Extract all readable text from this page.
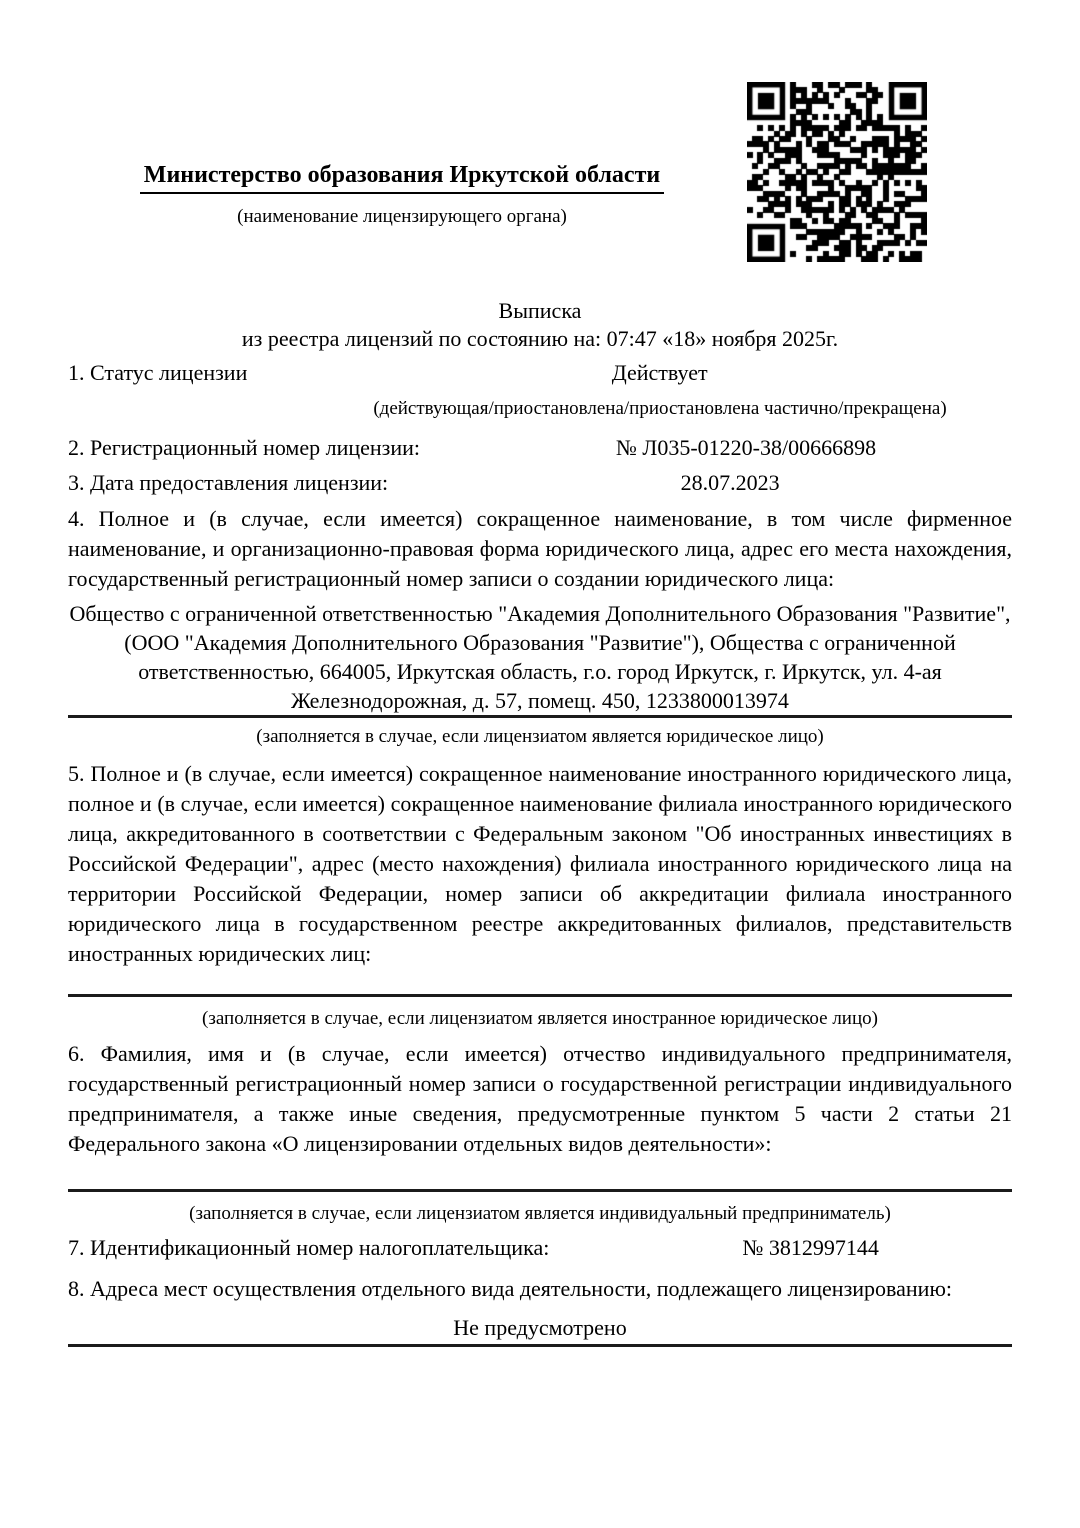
Министерство образования Иркутской области
(наименование лицензирующего органа)
Выписка
из реестра лицензий по состоянию на: 07:47 «18» ноября 2025г.
1. Статус лицензии	Действует
(действующая/приостановлена/приостановлена частично/прекращена)
2. Регистрационный номер лицензии:	№ Л035-01220-38/00666898
3. Дата предоставления лицензии:	28.07.2023
4. Полное и (в случае, если имеется) сокращенное наименование, в том числе фирменное наименование, и организационно-правовая форма юридического лица, адрес его места нахождения, государственный регистрационный номер записи о создании юридического лица:
Общество с ограниченной ответственностью "Академия Дополнительного Образования "Развитие", (ООО "Академия Дополнительного Образования "Развитие"), Общества с ограниченной ответственностью, 664005, Иркутская область, г.о. город Иркутск, г. Иркутск, ул. 4-ая Железнодорожная, д. 57, помещ. 450, 1233800013974
(заполняется в случае, если лицензиатом является юридическое лицо)
5. Полное и (в случае, если имеется) сокращенное наименование иностранного юридического лица, полное и (в случае, если имеется) сокращенное наименование филиала иностранного юридического лица, аккредитованного в соответствии с Федеральным законом "Об иностранных инвестициях в Российской Федерации", адрес (место нахождения) филиала иностранного юридического лица на территории Российской Федерации, номер записи об аккредитации филиала иностранного юридического лица в государственном реестре аккредитованных филиалов, представительств иностранных юридических лиц:
(заполняется в случае, если лицензиатом является иностранное юридическое лицо)
6. Фамилия, имя и (в случае, если имеется) отчество индивидуального предпринимателя, государственный регистрационный номер записи о государственной регистрации индивидуального предпринимателя, а также иные сведения, предусмотренные пунктом 5 части 2 статьи 21 Федерального закона «О лицензировании отдельных видов деятельности»:
(заполняется в случае, если лицензиатом является индивидуальный предприниматель)
7. Идентификационный номер налогоплательщика:	№ 3812997144
8. Адреса мест осуществления отдельного вида деятельности, подлежащего лицензированию:
Не предусмотрено
